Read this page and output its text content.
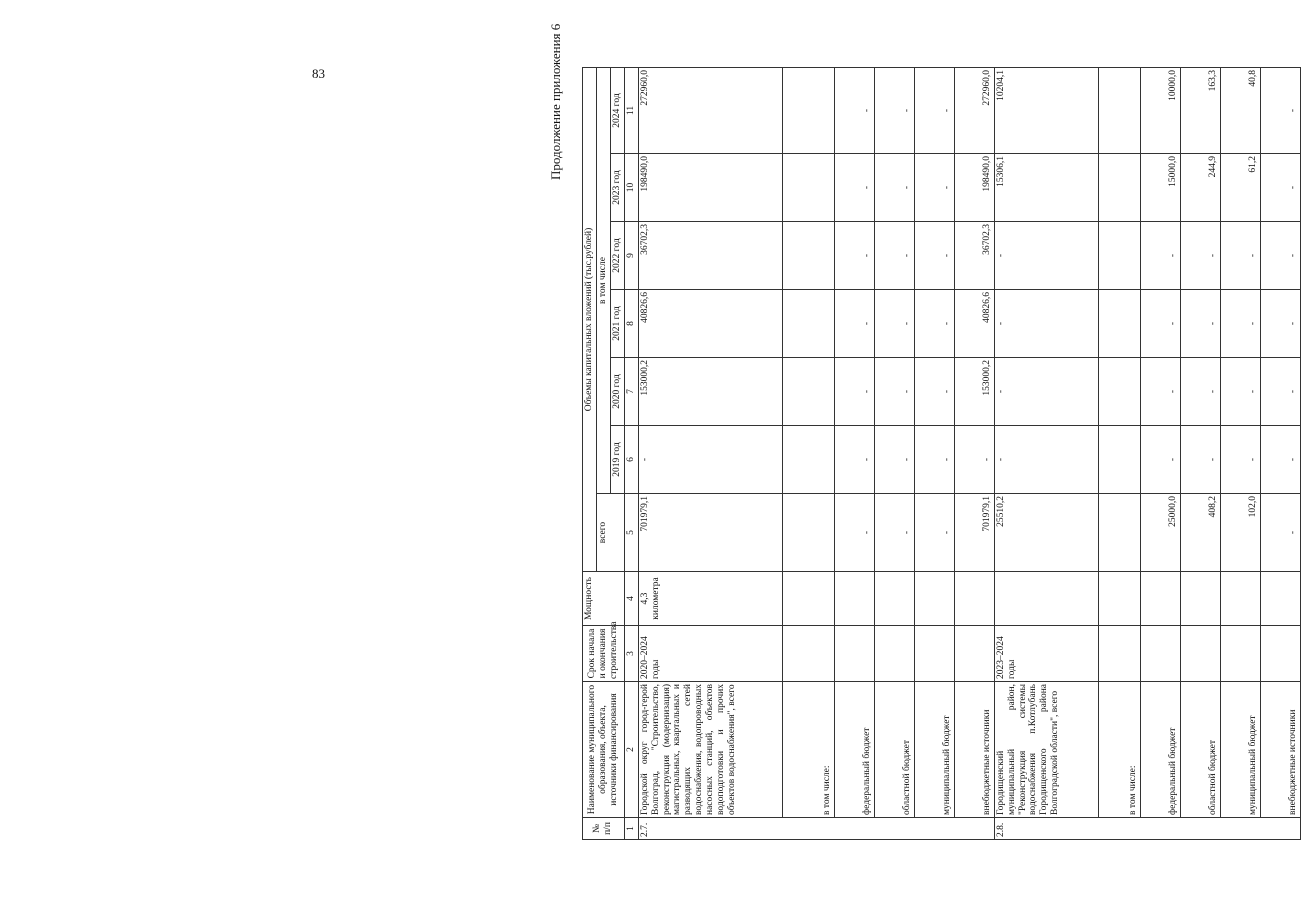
83	Продолжение приложения 6
№
п/п	Наименование муниципального образования, объекта, источники финансирования	Срок начала и окончания строительства	Мощность	Объемы капитальных вложений (тыс.рублей)						
				всего	в том числе					
					2019 год	2020 год	2021 год	2022 год	2023 год	2024 год
1	2	3	4	5	6	7	8	9	10	11
2.7.	Городской округ город-герой Волгоград, "Строительство, реконструкция (модернизация) магистральных, квартальных и разводящих сетей водоснабжения, водопроводных насосных станций, объектов водоподготовки и прочих объектов водоснабжения", всего	2020–2024 годы	4,3 километра	701979,1	-	153000,2	40826,6	36702,3	198490,0	272960,0
	в том числе:									
	федеральный бюджет			-	-	-	-	-	-	-
	областной бюджет			-	-	-	-	-	-	-
	муниципальный бюджет			-	-	-	-	-	-	-
	внебюджетные источники			701979,1	-	153000,2	40826,6	36702,3	198490,0	272960,0
2.8.	Городищенский муниципальный район, "Реконструкция системы водоснабжения п.Котлубань Городищенского района Волгоградской области", всего	2023–2024 годы		25510,2	-	-	-	-	15306,1	10204,1
	в том числе:									
	федеральный бюджет			25000,0	-	-	-	-	15000,0	10000,0
	областной бюджет			408,2	-	-	-	-	244,9	163,3
	муниципальный бюджет			102,0	-	-	-	-	61,2	40,8
	внебюджетные источники			-	-	-	-	-	-	-
